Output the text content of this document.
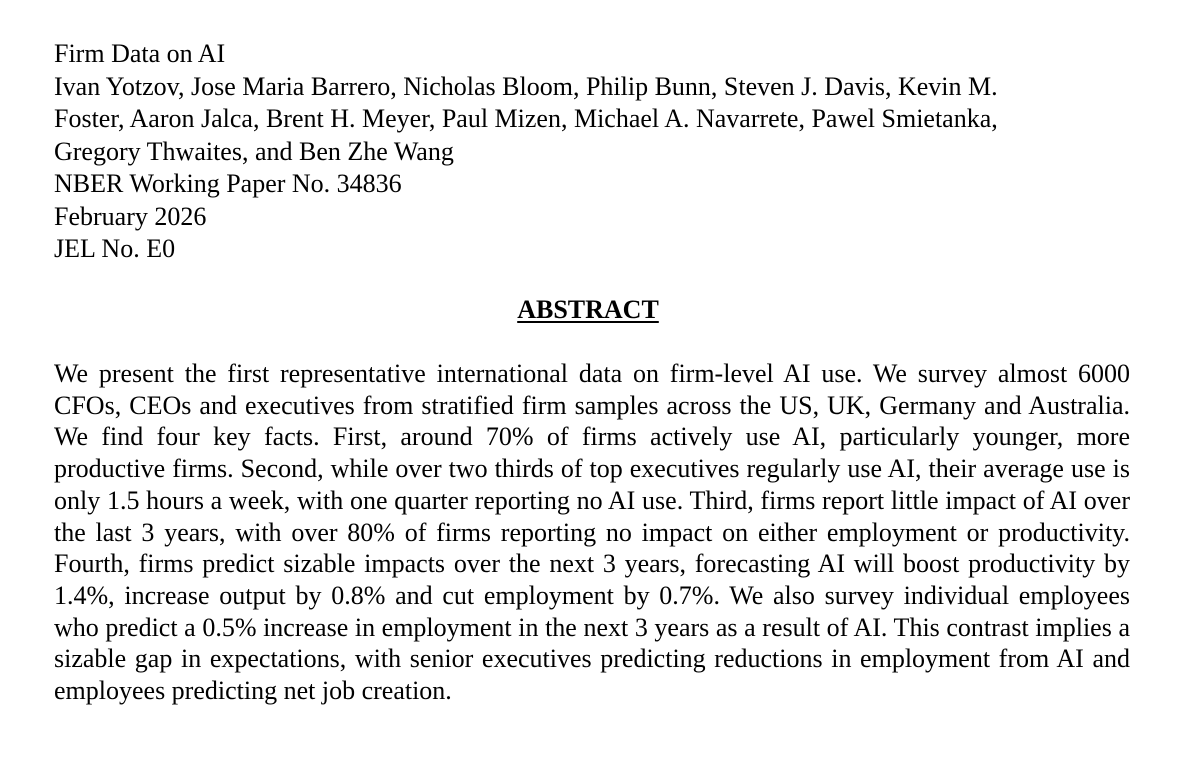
Firm Data on AI
Ivan Yotzov, Jose Maria Barrero, Nicholas Bloom, Philip Bunn, Steven J. Davis, Kevin M.
Foster, Aaron Jalca, Brent H. Meyer, Paul Mizen, Michael A. Navarrete, Pawel Smietanka,
Gregory Thwaites, and Ben Zhe Wang
NBER Working Paper No. 34836
February 2026
JEL No. E0
ABSTRACT
We present the first representative international data on firm-level AI use. We survey almost 6000 CFOs, CEOs and executives from stratified firm samples across the US, UK, Germany and Australia. We find four key facts. First, around 70% of firms actively use AI, particularly younger, more productive firms. Second, while over two thirds of top executives regularly use AI, their average use is only 1.5 hours a week, with one quarter reporting no AI use. Third, firms report little impact of AI over the last 3 years, with over 80% of firms reporting no impact on either employment or productivity. Fourth, firms predict sizable impacts over the next 3 years, forecasting AI will boost productivity by 1.4%, increase output by 0.8% and cut employment by 0.7%. We also survey individual employees who predict a 0.5% increase in employment in the next 3 years as a result of AI. This contrast implies a sizable gap in expectations, with senior executives predicting reductions in employment from AI and employees predicting net job creation.
